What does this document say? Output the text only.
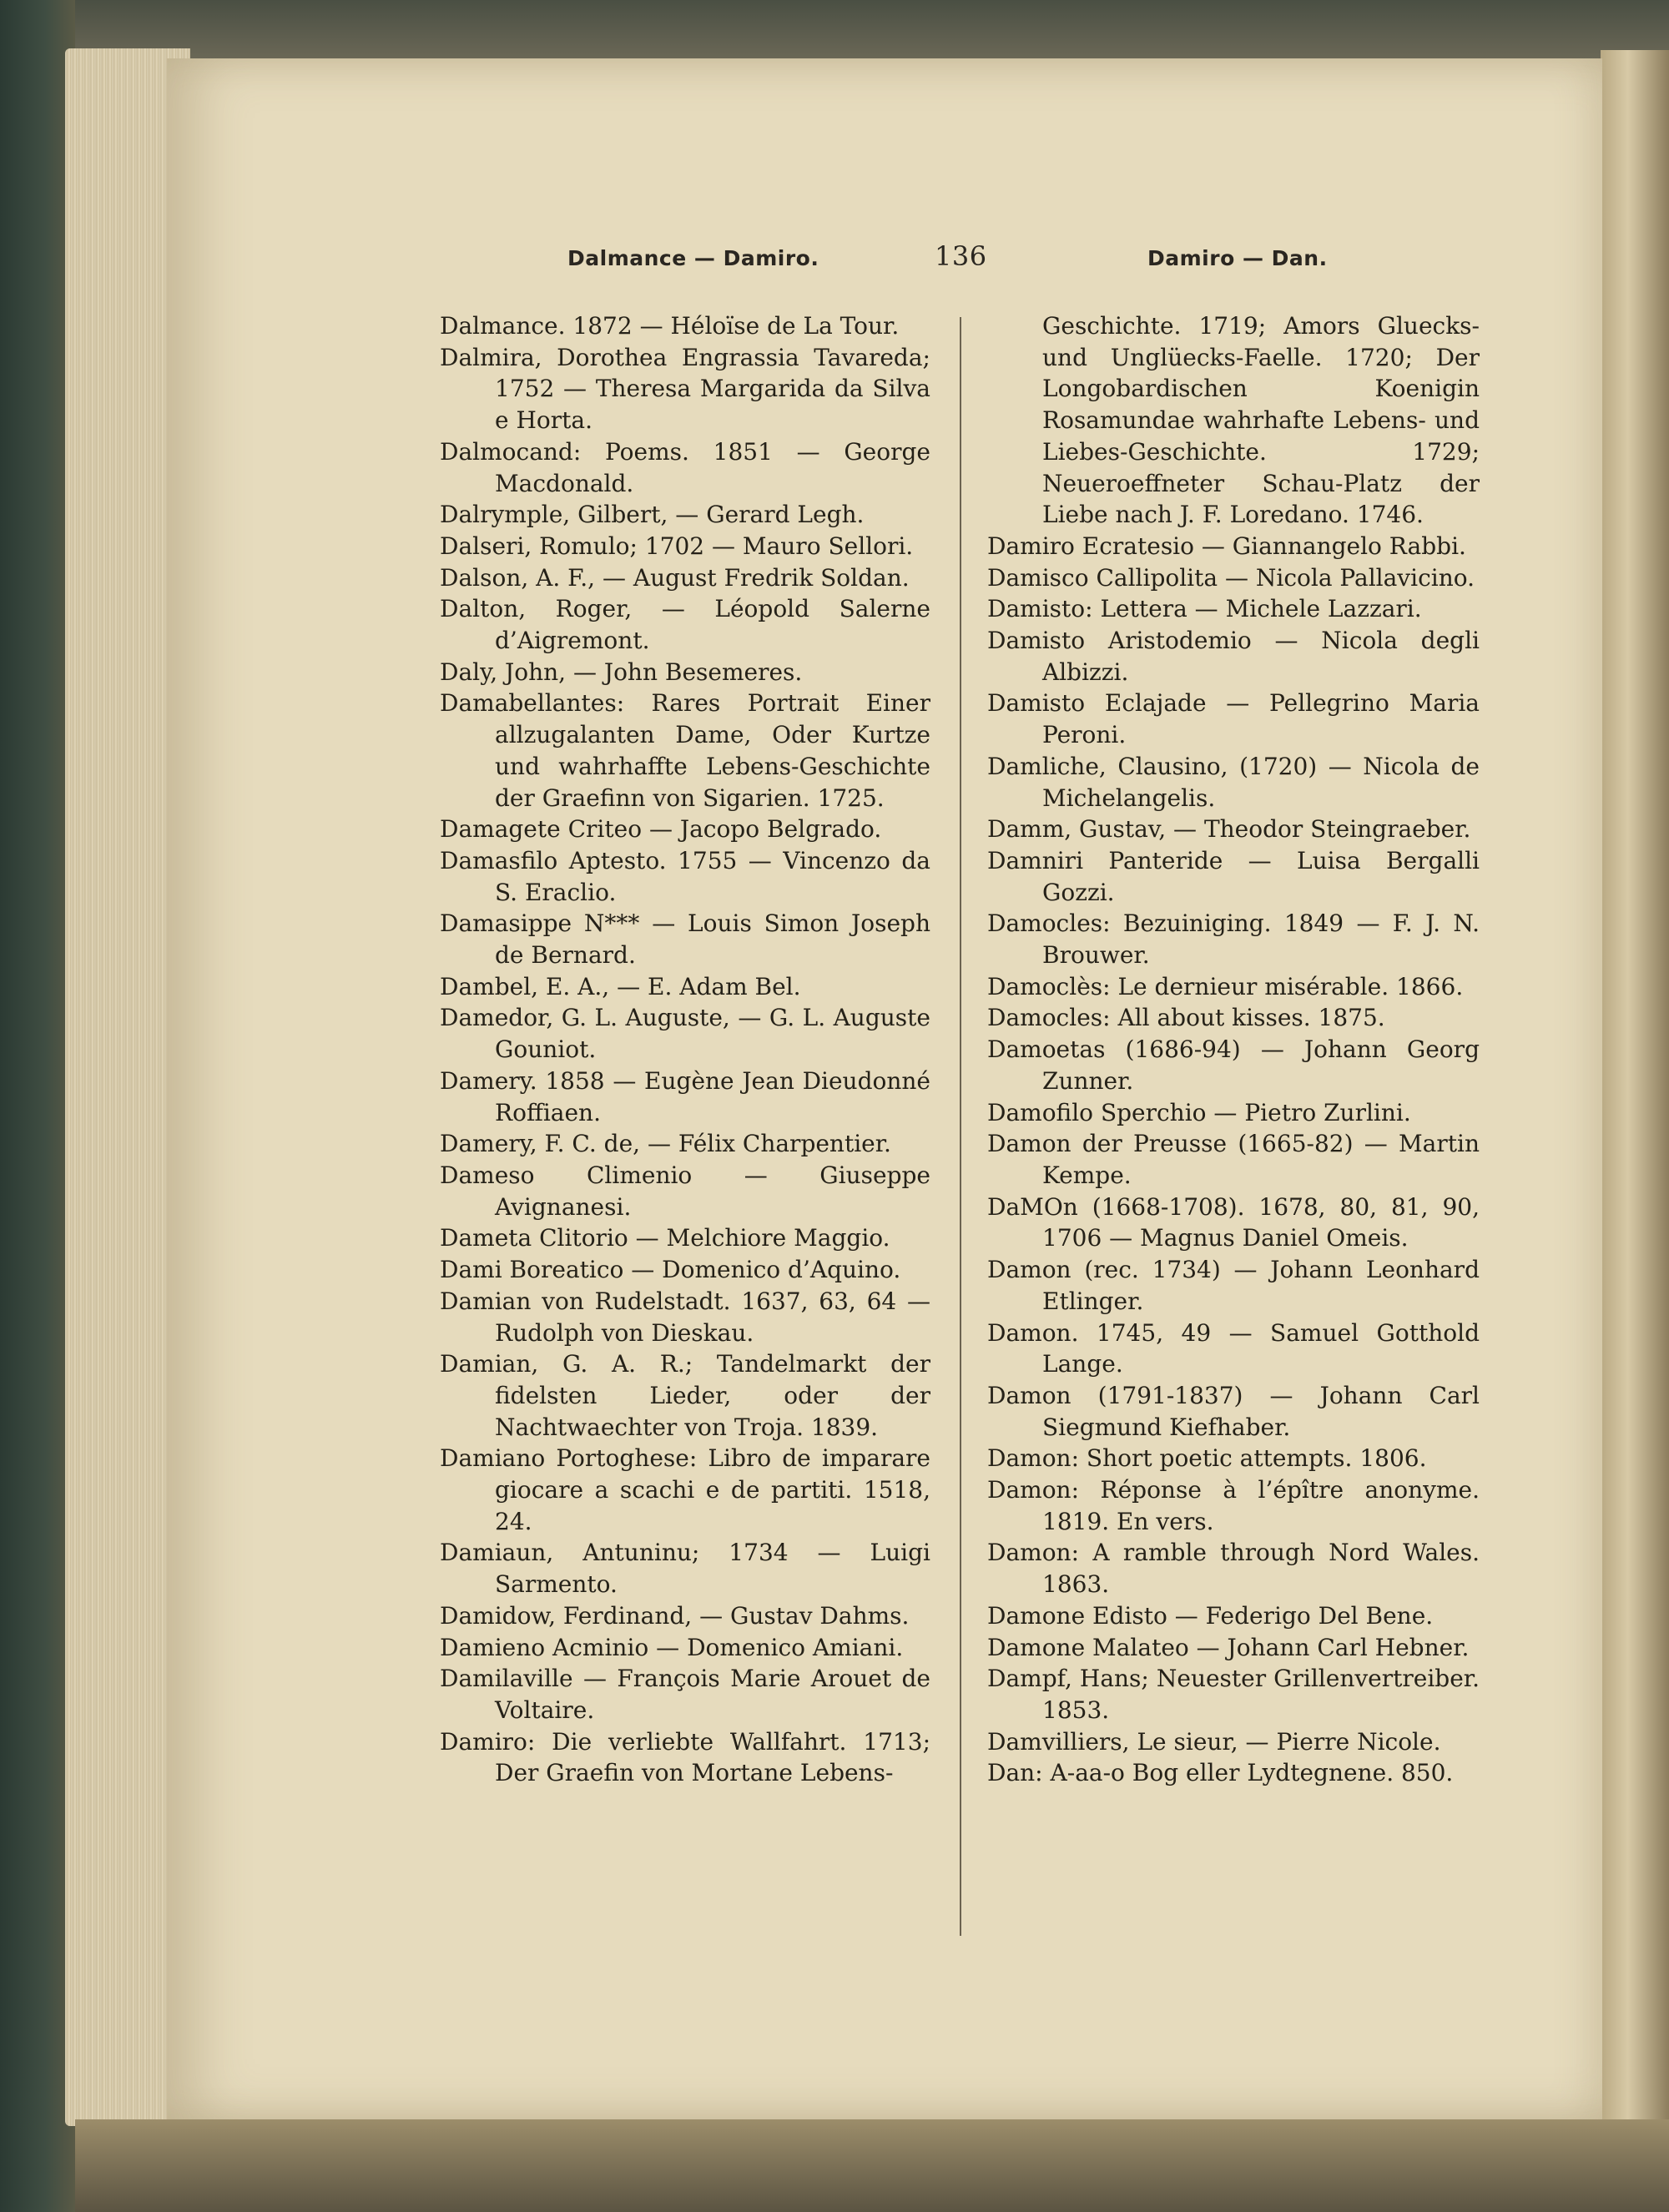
Dalmance — Damiro.	136	Damiro — Dan.
Dalmance. 1872 — Héloïse de La Tour.
Dalmira, Dorothea Engrassia Tavareda; 1752 — Theresa Margarida da Silva e Horta.
Dalmocand: Poems. 1851 — George Macdonald.
Dalrymple, Gilbert, — Gerard Legh.
Dalseri, Romulo; 1702 — Mauro Sellori.
Dalson, A. F., — August Fredrik Soldan.
Dalton, Roger, — Léopold Salerne d’Aigremont.
Daly, John, — John Besemeres.
Damabellantes: Rares Portrait Einer allzugalanten Dame, Oder Kurtze und wahrhaffte Lebens-Geschichte der Graefinn von Sigarien. 1725.
Damagete Criteo — Jacopo Belgrado.
Damasfilo Aptesto. 1755 — Vincenzo da S. Eraclio.
Damasippe N*** — Louis Simon Joseph de Bernard.
Dambel, E. A., — E. Adam Bel.
Damedor, G. L. Auguste, — G. L. Auguste Gouniot.
Damery. 1858 — Eugène Jean Dieudonné Roffiaen.
Damery, F. C. de, — Félix Charpentier.
Dameso Climenio — Giuseppe Avignanesi.
Dameta Clitorio — Melchiore Maggio.
Dami Boreatico — Domenico d’Aquino.
Damian von Rudelstadt. 1637, 63, 64 — Rudolph von Dieskau.
Damian, G. A. R.; Tandelmarkt der fidelsten Lieder, oder der Nachtwaechter von Troja. 1839.
Damiano Portoghese: Libro de imparare giocare a scachi e de partiti. 1518, 24.
Damiaun, Antuninu; 1734 — Luigi Sarmento.
Damidow, Ferdinand, — Gustav Dahms.
Damieno Acminio — Domenico Amiani.
Damilaville — François Marie Arouet de Voltaire.
Damiro: Die verliebte Wallfahrt. 1713; Der Graefin von Mortane Lebens-
Geschichte. 1719; Amors Gluecks- und Unglüecks-Faelle. 1720; Der Longobardischen Koenigin Rosamundae wahrhafte Lebens- und Liebes-Geschichte. 1729; Neueroeffneter Schau-Platz der Liebe nach J. F. Loredano. 1746.
Damiro Ecratesio — Giannangelo Rabbi.
Damisco Callipolita — Nicola Pallavicino.
Damisto: Lettera — Michele Lazzari.
Damisto Aristodemio — Nicola degli Albizzi.
Damisto Eclajade — Pellegrino Maria Peroni.
Damliche, Clausino, (1720) — Nicola de Michelangelis.
Damm, Gustav, — Theodor Steingraeber.
Damniri Panteride — Luisa Bergalli Gozzi.
Damocles: Bezuiniging. 1849 — F. J. N. Brouwer.
Damoclès: Le dernieur misérable. 1866.
Damocles: All about kisses. 1875.
Damoetas (1686-94) — Johann Georg Zunner.
Damofilo Sperchio — Pietro Zurlini.
Damon der Preusse (1665-82) — Martin Kempe.
DaMOn (1668-1708). 1678, 80, 81, 90, 1706 — Magnus Daniel Omeis.
Damon (rec. 1734) — Johann Leonhard Etlinger.
Damon. 1745, 49 — Samuel Gotthold Lange.
Damon (1791-1837) — Johann Carl Siegmund Kiefhaber.
Damon: Short poetic attempts. 1806.
Damon: Réponse à l’épître anonyme. 1819. En vers.
Damon: A ramble through Nord Wales. 1863.
Damone Edisto — Federigo Del Bene.
Damone Malateo — Johann Carl Hebner.
Dampf, Hans; Neuester Grillenvertreiber. 1853.
Damvilliers, Le sieur, — Pierre Nicole.
Dan: A-aa-o Bog eller Lydtegnene. 850.
